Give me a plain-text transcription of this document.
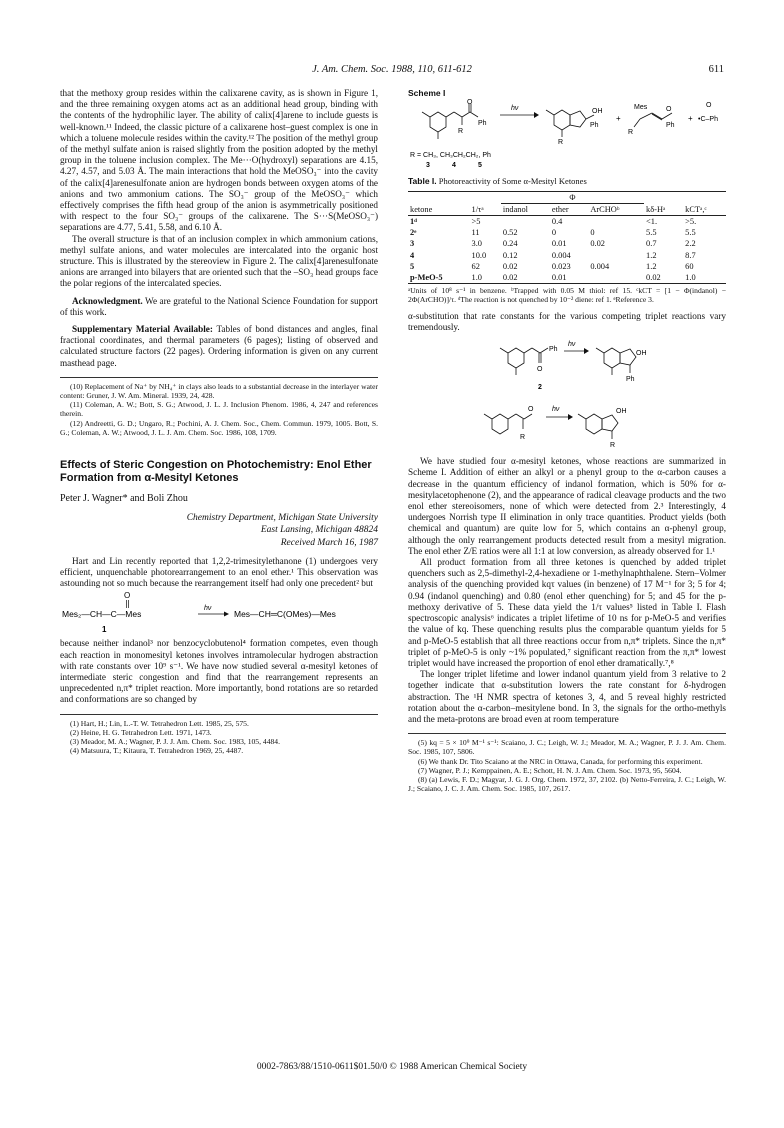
J. Am. Chem. Soc. 1988, 110, 611-612	611

that the methoxy group resides within the calixarene cavity, as is shown in Figure 1, and the three remaining oxygen atoms act as an additional head group, binding with the contents of the hydrophilic layer. The ability of calix[4]arene to include guests is well-known.¹¹ Indeed, the classic picture of a calixarene host–guest complex is one in which a toluene molecule resides within the cavity.¹² The position of the methyl group of the methyl sulfate anion is raised slightly from the position adopted by the methyl group in the toluene inclusion complex. The Me···O(hydroxyl) separations are 4.15, 4.27, 4.57, and 5.03 Å. The main interactions that hold the MeOSO₃⁻ into the cavity of the calix[4]arenesulfonate anion are hydrogen bonds between oxygen atoms of the anions and two ammonium cations. The SO₃⁻ group of the MeOSO₃⁻ which effectively comprises the fifth head group of the anion is asymmetrically positioned with respect to the four SO₃⁻ groups of the calixarene. The S···S(MeOSO₃⁻) separations are 4.77, 5.41, 5.58, and 6.10 Å.

The overall structure is that of an inclusion complex in which ammonium cations, methyl sulfate anions, and water molecules are intercalated into the organic host structure. This is illustrated by the stereoview in Figure 2. The calix[4]arenesulfonate anions are arranged into bilayers that are oriented such that the –SO₃ head groups face the polar regions of the intercalated species.

Acknowledgment. We are grateful to the National Science Foundation for support of this work.

Supplementary Material Available: Tables of bond distances and angles, final fractional coordinates, and thermal parameters (6 pages); listing of observed and calculated structure factors (22 pages). Ordering information is given on any current masthead page.

(10) Replacement of Na⁺ by NH₄⁺ in clays also leads to a substantial decrease in the interlayer water content: Gruner, J. W. Am. Mineral. 1939, 24, 428.

(11) Coleman, A. W.; Bott, S. G.; Atwood, J. L. J. Inclusion Phenom. 1986, 4, 247 and references therein.

(12) Andreetti, G. D.; Ungaro, R.; Pochini, A. J. Chem. Soc., Chem. Commun. 1979, 1005. Bott, S. G.; Coleman, A. W.; Atwood, J. L. J. Am. Chem. Soc. 1986, 108, 1709.

Effects of Steric Congestion on Photochemistry: Enol Ether Formation from α-Mesityl Ketones
Peter J. Wagner* and Boli Zhou
Chemistry Department, Michigan State University
East Lansing, Michigan 48824
Received March 16, 1987

Hart and Lin recently reported that 1,2,2-trimesitylethanone (1) undergoes very efficient, unquenchable photorearrangement to an enol ether.¹ This observation was astounding not so much because the rearrangement itself had only one precedent² but

O
Mes₂—CH—C—Mes
hν
Mes—CH═C(OMes)—Mes
1

because neither indanol³ nor benzocyclobutenol⁴ formation competes, even though each reaction in monomesityl ketones involves intramolecular hydrogen abstraction with rate constants over 10⁹ s⁻¹. We have now studied several α-mesityl ketones of intermediate steric congestion and find that the rearrangement represents an unprecedented n,π* triplet reaction. More importantly, bond rotations are so retarded and conformations are so changed by

(1) Hart, H.; Lin, L.-T. W. Tetrahedron Lett. 1985, 25, 575.

(2) Heine, H. G. Tetrahedron Lett. 1971, 1473.

(3) Meador, M. A.; Wagner, P. J. J. Am. Chem. Soc. 1983, 105, 4484.

(4) Matsuura, T.; Kitaura, T. Tetrahedron 1969, 25, 4487.

Scheme I
hν
R
Ph
O
OH
Ph
R
Mes	O
Ph
R
O
•C–Ph
+	+
R = CH₃, CH₃CH₂CH₂, Ph
3	4	5
Table I. Photoreactivity of Some α-Mesityl Ketones
		Φ				
ketone	1/τᵃ	indanol	ether	ArCHOᵇ	kδ-Hᵃ	kCTᵃ,ᶜ
1ᵈ	>5		0.4		<1.	>5.
2ᵉ	11	0.52	0	0	5.5	5.5
3	3.0	0.24	0.01	0.02	0.7	2.2
4	10.0	0.12	0.004		1.2	8.7
5	62	0.02	0.023	0.004	1.2	60
p-MeO-5	1.0	0.02	0.01		0.02	1.0

ᵃUnits of 10⁸ s⁻¹ in benzene. ᵇTrapped with 0.05 M thiol: ref 15. ᶜkCT = [1 − Φ(indanol) − 2Φ(ArCHO)]/τ. ᵈThe reaction is not quenched by 10⁻² diene: ref 1. ᵉReference 3.

α-substitution that rate constants for the various competing triplet reactions vary tremendously.

Ph
hν
OH
O
2
Ph
O	hν	OH
R
R

We have studied four α-mesityl ketones, whose reactions are summarized in Scheme I. Addition of either an alkyl or a phenyl group to the α-carbon causes a decrease in the quantum efficiency of indanol formation, which is 50% for α-mesitylacetophenone (2), and the appearance of radical cleavage products and the two enol ether stereoisomers, none of which were detected from 2.³ Interestingly, 4 undergoes Norrish type II elimination in only trace quantities. Product yields (both chemical and quantum) are quite low for 5, which contains an α-phenyl group, although the only rearrangement products detected result from a mesityl migration. The enol ether Z/E ratios were all 1:1 at low conversion, as already observed for 1.¹

All product formation from all three ketones is quenched by added triplet quenchers such as 2,5-dimethyl-2,4-hexadiene or 1-methylnaphthalene. Stern–Volmer analysis of the quenching provided kqτ values (in benzene) of 17 M⁻¹ for 3; 5 for 4; 0.94 (indanol quenching) and 0.80 (enol ether quenching) for 5; and 45 for the p-methoxy derivative of 5. These data yield the 1/τ values⁵ listed in Table I. Flash spectroscopic analysis⁶ indicates a triplet lifetime of 10 ns for p-MeO-5 and verifies the value of kq. These quenching results plus the comparable quantum yields for 5 and p-MeO-5 establish that all three reactions occur from n,π* triplets. Since the n,π* triplet of p-MeO-5 is only ~1% populated,⁷ significant reaction from the π,π* lowest triplet would have increased the proportion of enol ether dramatically.⁷,⁸

The longer triplet lifetime and lower indanol quantum yield from 3 relative to 2 together indicate that α-substitution lowers the rate constant for δ-hydrogen abstraction. The ¹H NMR spectra of ketones 3, 4, and 5 reveal highly restricted rotation about the α-carbon–mesitylene bond. In 3, the signals for the ortho-methyls and the meta-protons are broad even at room temperature

(5) kq = 5 × 10⁹ M⁻¹ s⁻¹: Scaiano, J. C.; Leigh, W. J.; Meador, M. A.; Wagner, P. J. J. Am. Chem. Soc. 1985, 107, 5806.

(6) We thank Dr. Tito Scaiano at the NRC in Ottawa, Canada, for performing this experiment.

(7) Wagner, P. J.; Kemppainen, A. E.; Schott, H. N. J. Am. Chem. Soc. 1973, 95, 5604.

(8) (a) Lewis, F. D.; Magyar, J. G. J. Org. Chem. 1972, 37, 2102. (b) Netto-Ferreira, J. C.; Leigh, W. J.; Scaiano, J. C. J. Am. Chem. Soc. 1985, 107, 2617.

0002-7863/88/1510-0611$01.50/0 © 1988 American Chemical Society
